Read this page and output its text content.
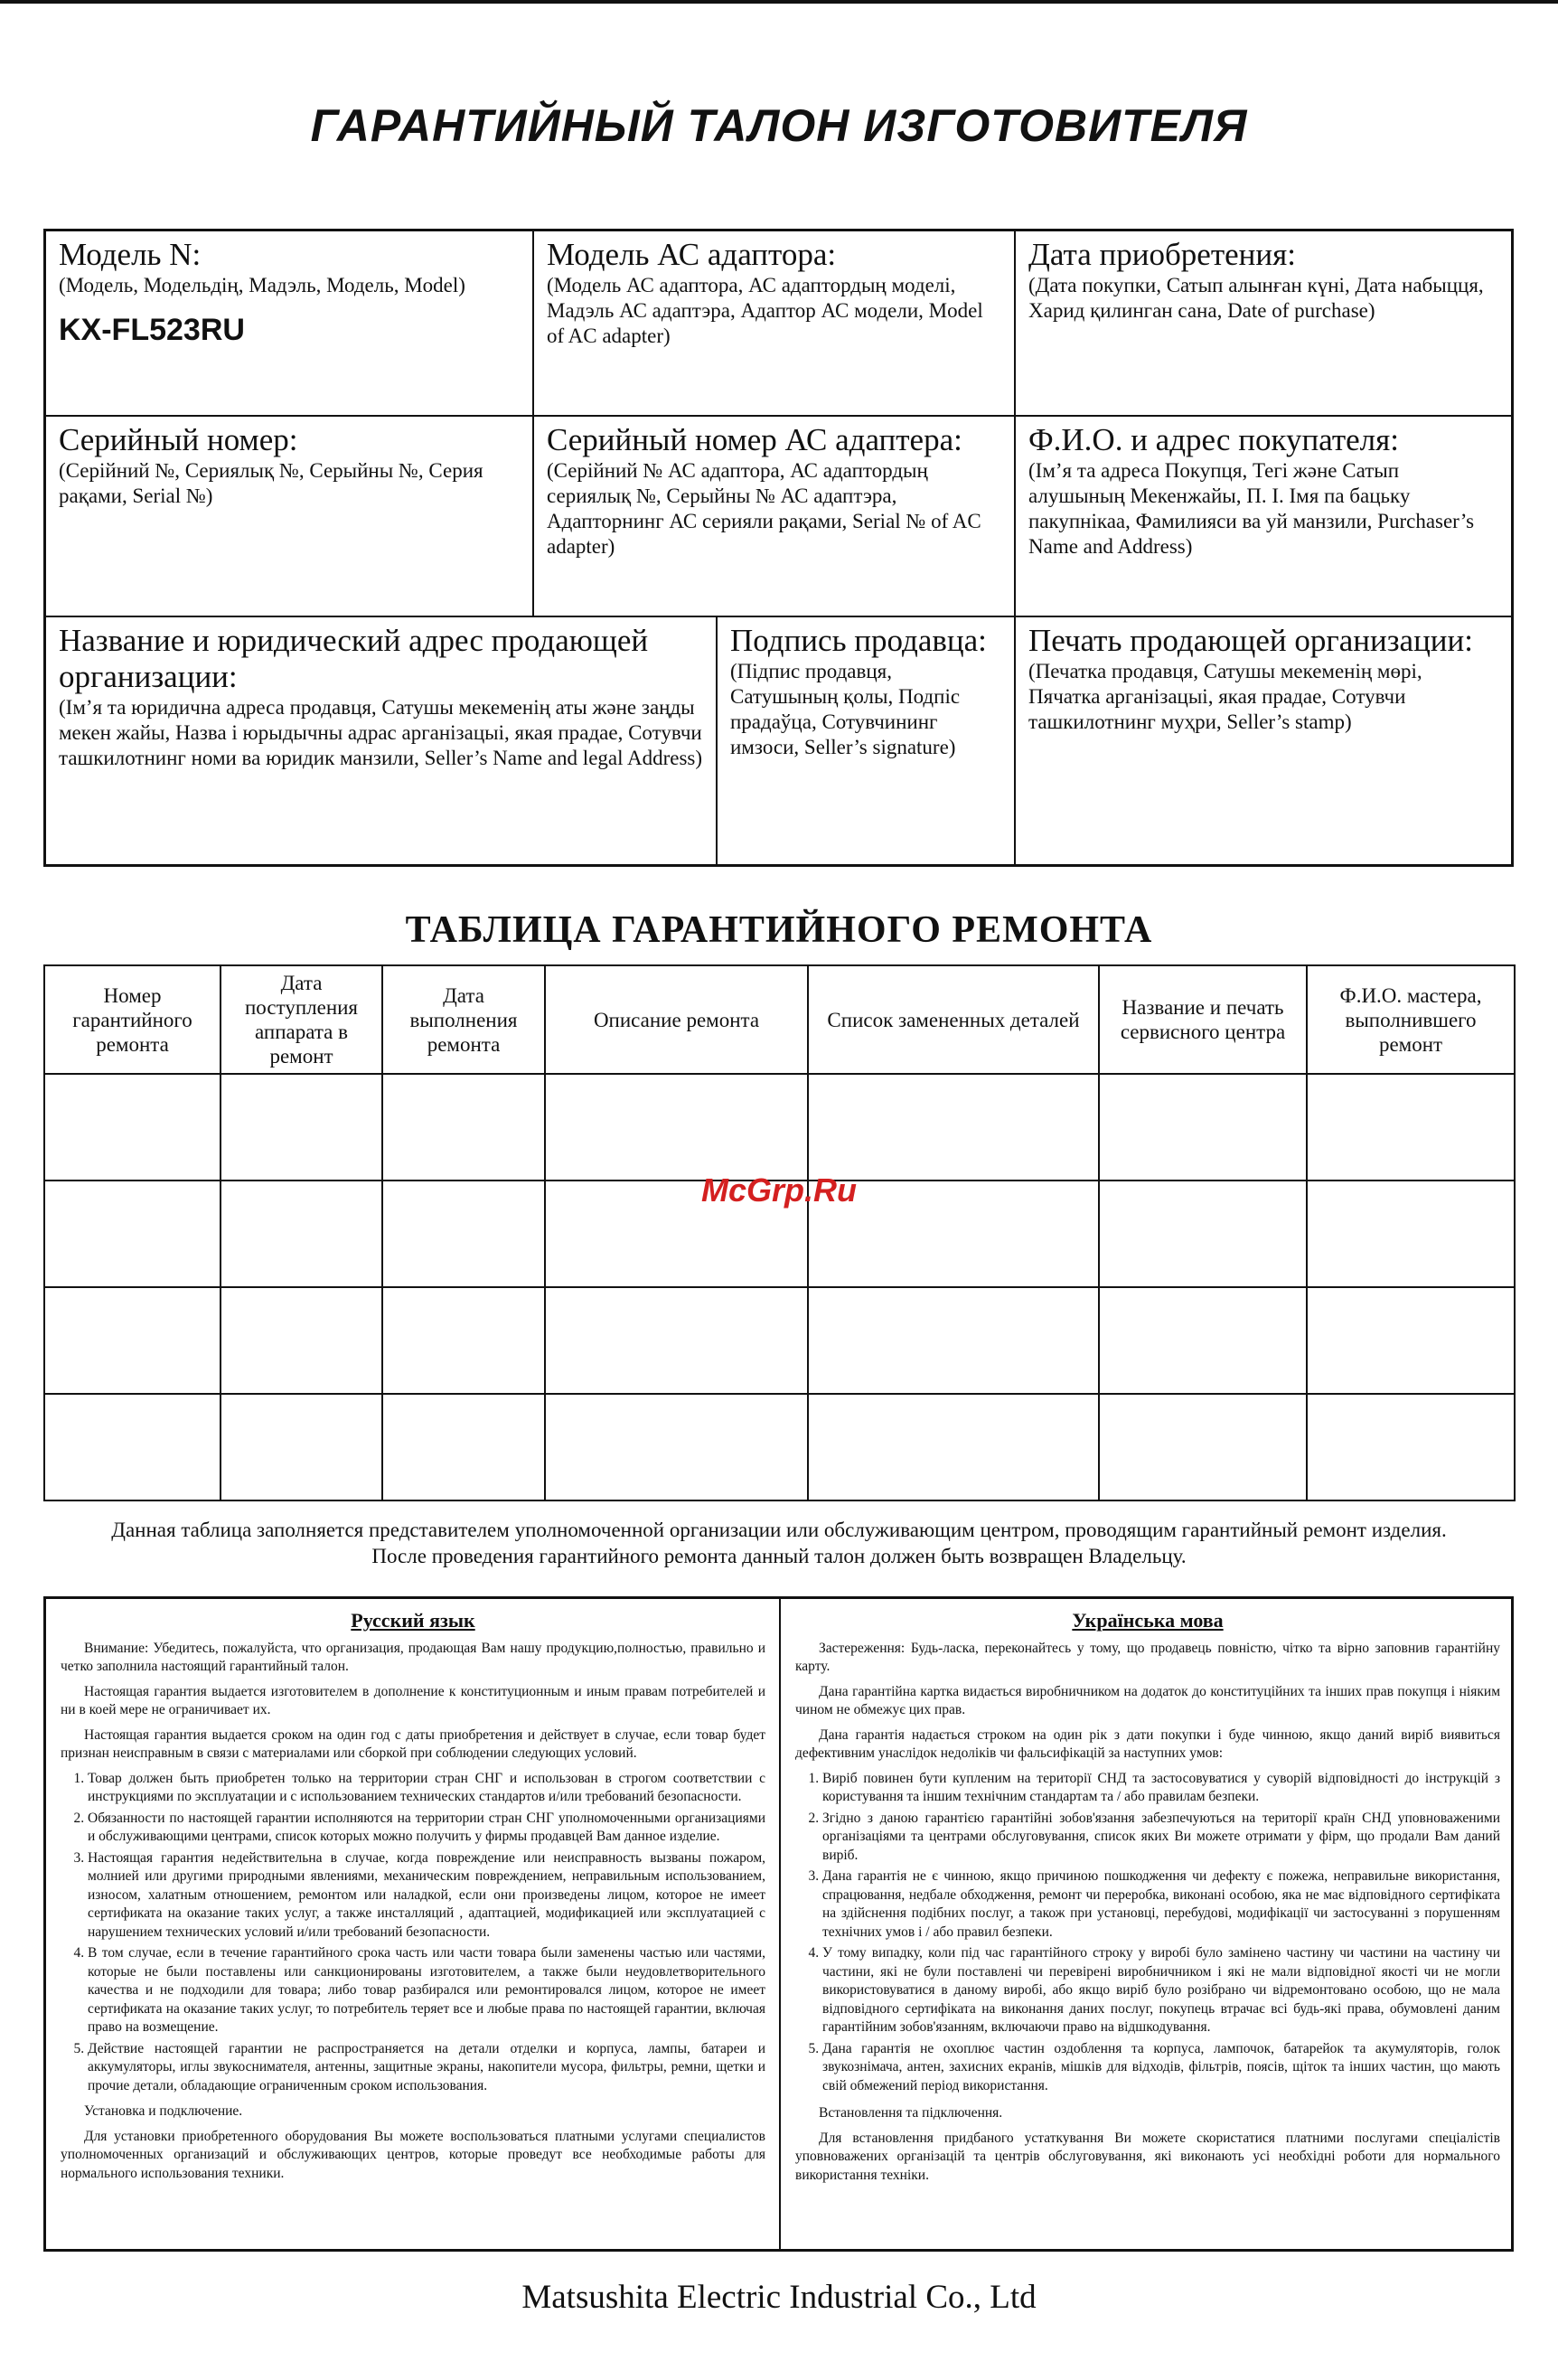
ГАРАНТИЙНЫЙ ТАЛОН ИЗГОТОВИТЕЛЯ
Модель N:
(Модель, Модельдің, Мадэль, Модель, Model)
KX-FL523RU
Модель АС адаптора:
(Модель АС адаптора, АС адаптордың моделі, Мадэль АС адаптэра, Адаптор АС модели, Model of AC adapter)
Дата приобретения:
(Дата покупки, Сатып алынған күні, Дата набыцця, Харид қилинган сана, Date of purchase)
Серийный номер:
(Серійний №, Сериялық №, Серыйны №, Серия рақами, Serial №)
Серийный номер АС адаптера:
(Серійний № АС адаптора, АС адаптордың сериялық №, Серыйны № АС адаптэра, Адапторнинг АС серияли рақами, Serial № of AC adapter)
Ф.И.О. и адрес покупателя:
(Ім’я та адреса Покупця, Тегі және Сатып алушының Мекенжайы, П. І. Імя па бацьку пакупнікаа, Фамилияси ва уй манзили, Purchaser’s Name and Address)
Название и юридический адрес продающей организации:
(Ім’я та юридична адреса продавця, Сатушы мекеменің аты және заңды мекен жайы, Назва і юрыдычны адрас арганізацыі, якая прадае, Сотувчи ташкилотнинг номи ва юридик манзили, Seller’s Name and legal Address)
Подпись продавца:
(Підпис продавця, Сатушының қолы, Подпіс прадаўца, Сотувчининг имзоси, Seller’s signature)
Печать продающей организации:
(Печатка продавця, Сатушы мекеменің мөрі, Пячатка арганізацыі, якая прадае, Сотувчи ташкилотнинг муҳри, Seller’s stamp)
ТАБЛИЦА ГАРАНТИЙНОГО РЕМОНТА
Номер гарантийного ремонта	Дата поступления аппарата в ремонт	Дата выполнения ремонта	Описание ремонта	Список замененных деталей	Название и печать сервисного центра	Ф.И.О. мастера, выполнившего ремонт

McGrp.Ru
Данная таблица заполняется представителем уполномоченной организации или обслуживающим центром, проводящим гарантийный ремонт изделия.
После проведения гарантийного ремонта данный талон должен быть возвращен Владельцу.
Русский язык

Внимание: Убедитесь, пожалуйста, что организация, продающая Вам нашу продукцию,полностью, правильно и четко заполнила настоящий гарантийный талон.

Настоящая гарантия выдается изготовителем в дополнение к конституционным и иным правам потребителей и ни в коей мере не ограничивает их.

Настоящая гарантия выдается сроком на один год с даты приобретения и действует в случае, если товар будет признан неисправным в связи с материалами или сборкой при соблюдении следующих условий.

1. Товар должен быть приобретен только на территории стран СНГ и использован в строгом соответствии с инструкциями по эксплуатации и с использованием технических стандартов и/или требований безопасности.
2. Обязанности по настоящей гарантии исполняются на территории стран СНГ уполномоченными организациями и обслуживающими центрами, список которых можно получить у фирмы продавцей Вам данное изделие.
3. Настоящая гарантия недействительна в случае, когда повреждение или неисправность вызваны пожаром, молнией или другими природными явлениями, механическим повреждением, неправильным использованием, износом, халатным отношением, ремонтом или наладкой, если они произведены лицом, которое не имеет сертификата на оказание таких услуг, а также инсталляций , адаптацией, модификацией или эксплуатацией с нарушением технических условий и/или требований безопасности.
4. В том случае, если в течение гарантийного срока часть или части товара были заменены частью или частями, которые не были поставлены или санкционированы изготовителем, а также были неудовлетворительного качества и не подходили для товара; либо товар разбирался или ремонтировался лицом, которое не имеет сертификата на оказание таких услуг, то потребитель теряет все и любые права по настоящей гарантии, включая право на возмещение.
5. Действие настоящей гарантии не распространяется на детали отделки и корпуса, лампы, батареи и аккумуляторы, иглы звукоснимателя, антенны, защитные экраны, накопители мусора, фильтры, ремни, щетки и прочие детали, обладающие ограниченным сроком использования.

Установка и подключение.

Для установки приобретенного оборудования Вы можете воспользоваться платными услугами специалистов уполномоченных организаций и обслуживающих центров, которые проведут все необходимые работы для нормального использования техники.

Українська мова

Застереження: Будь-ласка, переконайтесь у тому, що продавець повністю, чітко та вірно заповнив гарантійну карту.

Дана гарантійна картка видається виробничником на додаток до конституційних та інших прав покупця і ніяким чином не обмежує цих прав.

Дана гарантія надається строком на один рік з дати покупки і буде чинною, якщо даний виріб виявиться дефективним унаслідок недоліків чи фальсифікацій за наступних умов:

1. Виріб повинен бути купленим на території СНД та застосовуватися у суворій відповідності до інструкцій з користування та іншим технічним стандартам та / або правилам безпеки.
2. Згідно з даною гарантією гарантійні зобов'язання забезпечуються на території країн СНД уповноваженими організаціями та центрами обслуговування, список яких Ви можете отримати у фірм, що продали Вам даний виріб.
3. Дана гарантія не є чинною, якщо причиною пошкодження чи дефекту є пожежа, неправильне використання, спрацювання, недбале обходження, ремонт чи переробка, виконані особою, яка не має відповідного сертифіката на здійснення подібних послуг, а також при установці, перебудові, модифікації чи застосуванні з порушенням технічних умов і / або правил безпеки.
4. У тому випадку, коли під час гарантійного строку у виробі було замінено частину чи частини на частину чи частини, які не були поставлені чи перевірені виробничником і які не мали відповідної якості чи не могли використовуватися в даному виробі, або якщо виріб було розібрано чи відремонтовано особою, що не мала відповідного сертифіката на виконання даних послуг, покупець втрачає всі будь-які права, обумовлені даним гарантійним зобов'язанням, включаючи право на відшкодування.
5. Дана гарантія не охоплює частин оздоблення та корпуса, лампочок, батарейок та акумуляторів, голок звукознімача, антен, захисних екранів, мішків для відходів, фільтрів, поясів, щіток та інших частин, що мають свій обмежений період використання.

Встановлення та підключення.

Для встановлення придбаного устаткування Ви можете скористатися платними послугами спеціалістів уповноважених організацій та центрів обслуговування, які виконають усі необхідні роботи для нормального використання техніки.

Matsushita Electric Industrial Co., Ltd
